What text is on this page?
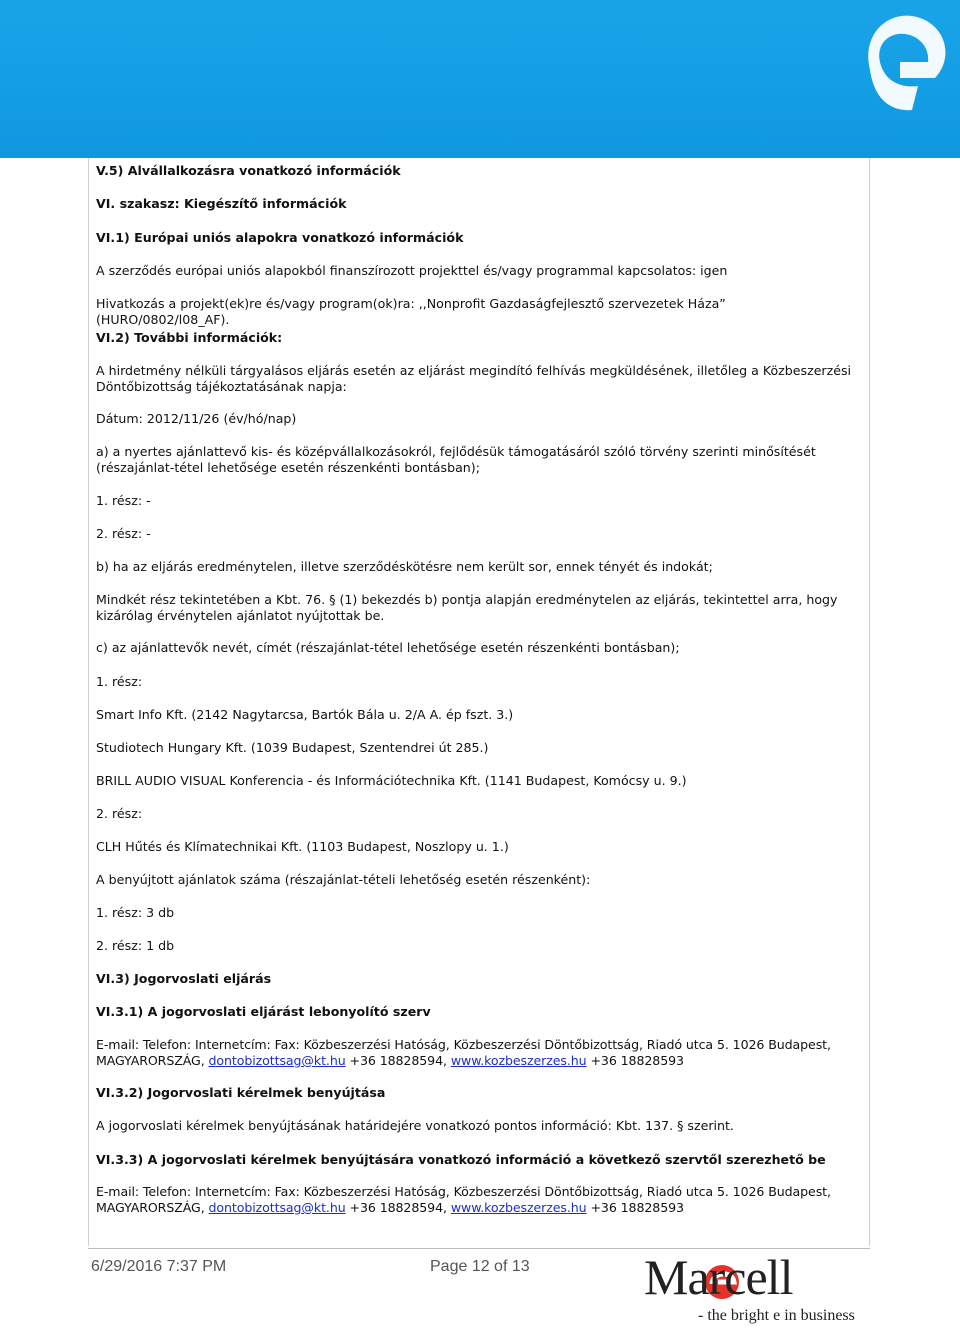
V.5) Alvállalkozásra vonatkozó információk

VI. szakasz: Kiegészítő információk

VI.1) Európai uniós alapokra vonatkozó információk

A szerződés európai uniós alapokból finanszírozott projekttel és/vagy programmal kapcsolatos: igen

Hivatkozás a projekt(ek)re és/vagy program(ok)ra: ,,Nonprofit Gazdaságfejlesztő szervezetek Háza” (HURO/0802/l08_AF).

VI.2) További információk:

A hirdetmény nélküli tárgyalásos eljárás esetén az eljárást megindító felhívás megküldésének, illetőleg a Közbeszerzési Döntőbizottság tájékoztatásának napja:

Dátum: 2012/11/26 (év/hó/nap)

a) a nyertes ajánlattevő kis- és középvállalkozásokról, fejlődésük támogatásáról szóló törvény szerinti minősítését (részajánlat-tétel lehetősége esetén részenkénti bontásban);

1. rész: -

2. rész: -

b) ha az eljárás eredménytelen, illetve szerződéskötésre nem került sor, ennek tényét és indokát;

Mindkét rész tekintetében a Kbt. 76. § (1) bekezdés b) pontja alapján eredménytelen az eljárás, tekintettel arra, hogy kizárólag érvénytelen ajánlatot nyújtottak be.

c) az ajánlattevők nevét, címét (részajánlat-tétel lehetősége esetén részenkénti bontásban);

1. rész:

Smart Info Kft. (2142 Nagytarcsa, Bartók Bála u. 2/A A. ép fszt. 3.)

Studiotech Hungary Kft. (1039 Budapest, Szentendrei út 285.)

BRILL AUDIO VISUAL Konferencia - és Információtechnika Kft. (1141 Budapest, Komócsy u. 9.)

2. rész:

CLH Hűtés és Klímatechnikai Kft. (1103 Budapest, Noszlopy u. 1.)

A benyújtott ajánlatok száma (részajánlat-tételi lehetőség esetén részenként):

1. rész: 3 db

2. rész: 1 db

VI.3) Jogorvoslati eljárás

VI.3.1) A jogorvoslati eljárást lebonyolító szerv

E-mail: Telefon: Internetcím: Fax: Közbeszerzési Hatóság, Közbeszerzési Döntőbizottság, Riadó utca 5. 1026 Budapest,
MAGYARORSZÁG, dontobizottsag@kt.hu +36 18828594, www.kozbeszerzes.hu +36 18828593

VI.3.2) Jogorvoslati kérelmek benyújtása

A jogorvoslati kérelmek benyújtásának határidejére vonatkozó pontos információ: Kbt. 137. § szerint.

VI.3.3) A jogorvoslati kérelmek benyújtására vonatkozó információ a következő szervtől szerezhető be

E-mail: Telefon: Internetcím: Fax: Közbeszerzési Hatóság, Közbeszerzési Döntőbizottság, Riadó utca 5. 1026 Budapest,
MAGYARORSZÁG, dontobizottsag@kt.hu +36 18828594, www.kozbeszerzes.hu +36 18828593

6/29/2016 7:37 PM	Page 12 of 13 Marcell
- the bright e in business
